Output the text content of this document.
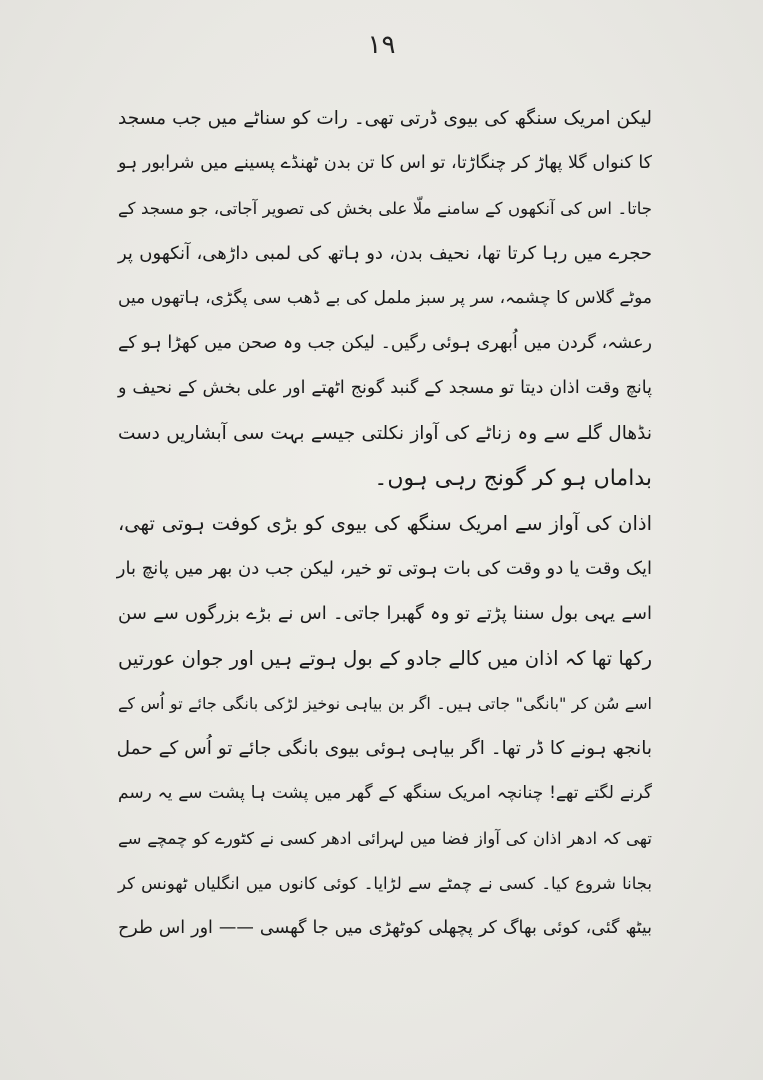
۱۹
لیکن امریک سنگھ کی بیوی ڈرتی تھی۔ رات کو سناٹے میں جب مسجد
کا کنواں گلا پھاڑ کر چنگاڑتا، تو اس کا تن بدن ٹھنڈے پسینے میں شرابور ہو
جاتا۔ اس کی آنکھوں کے سامنے ملّا علی بخش کی تصویر آجاتی، جو مسجد کے
حجرے میں رہا کرتا تھا، نحیف بدن، دو ہاتھ کی لمبی داڑھی، آنکھوں پر
موٹے گلاس کا چشمہ، سر پر سبز ململ کی بے ڈھب سی پگڑی، ہاتھوں میں
رعشہ، گردن میں اُبھری ہوئی رگیں۔ لیکن جب وہ صحن میں کھڑا ہو کے
پانچ وقت اذان دیتا تو مسجد کے گنبد گونج اٹھتے اور علی بخش کے نحیف و
نڈھال گلے سے وہ زناٹے کی آواز نکلتی جیسے بہت سی آبشاریں دست
بداماں ہو کر گونج رہی ہوں۔
اذان کی آواز سے امریک سنگھ کی بیوی کو بڑی کوفت ہوتی تھی،
ایک وقت یا دو وقت کی بات ہوتی تو خیر، لیکن جب دن بھر میں پانچ بار
اسے یہی بول سننا پڑتے تو وہ گھبرا جاتی۔ اس نے بڑے بزرگوں سے سن
رکھا تھا کہ اذان میں کالے جادو کے بول ہوتے ہیں اور جوان عورتیں
اسے سُن کر "بانگی" جاتی ہیں۔ اگر بن بیاہی نوخیز لڑکی بانگی جائے تو اُس کے
بانجھ ہونے کا ڈر تھا۔ اگر بیاہی ہوئی بیوی بانگی جائے تو اُس کے حمل
گرنے لگتے تھے! چنانچہ امریک سنگھ کے گھر میں پشت ہا پشت سے یہ رسم
تھی کہ ادھر اذان کی آواز فضا میں لہرائی ادھر کسی نے کٹورے کو چمچے سے
بجانا شروع کیا۔ کسی نے چمٹے سے لڑایا۔ کوئی کانوں میں انگلیاں ٹھونس کر
بیٹھ گئی، کوئی بھاگ کر پچھلی کوٹھڑی میں جا گھسی —— اور اس طرح
